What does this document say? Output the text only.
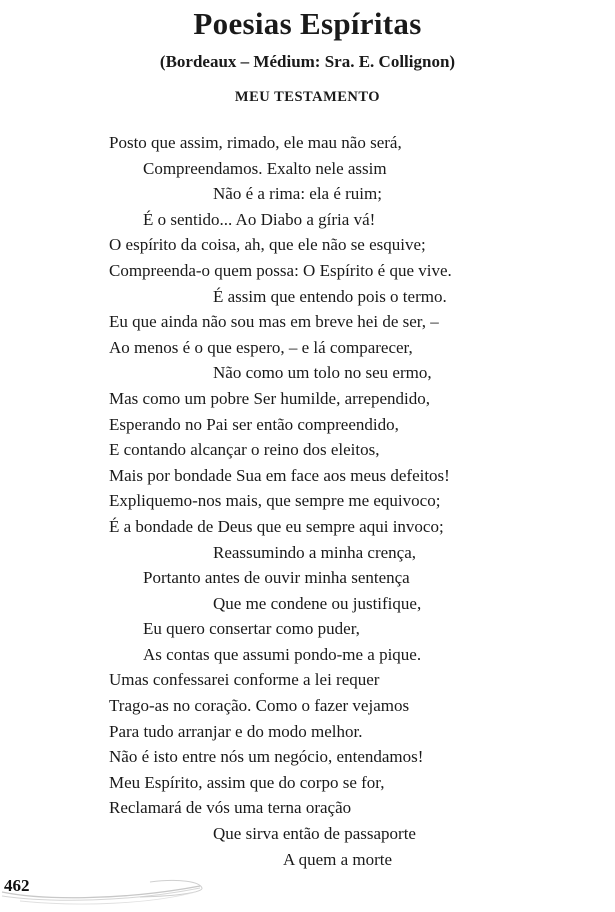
Poesias Espíritas
(Bordeaux – Médium: Sra. E. Collignon)
MEU TESTAMENTO
Posto que assim, rimado, ele mau não será,
Compreendamos. Exalto nele assim
Não é a rima: ela é ruim;
É o sentido... Ao Diabo a gíria vá!
O espírito da coisa, ah, que ele não se esquive;
Compreenda-o quem possa: O Espírito é que vive.
É assim que entendo pois o termo.
Eu que ainda não sou mas em breve hei de ser, –
Ao menos é o que espero, – e lá comparecer,
Não como um tolo no seu ermo,
Mas como um pobre Ser humilde, arrependido,
Esperando no Pai ser então compreendido,
E contando alcançar o reino dos eleitos,
Mais por bondade Sua em face aos meus defeitos!
Expliquemo-nos mais, que sempre me equivoco;
É a bondade de Deus que eu sempre aqui invoco;
Reassumindo a minha crença,
Portanto antes de ouvir minha sentença
Que me condene ou justifique,
Eu quero consertar como puder,
As contas que assumi pondo-me a pique.
Umas confessarei conforme a lei requer
Trago-as no coração. Como o fazer vejamos
Para tudo arranjar e do modo melhor.
Não é isto entre nós um negócio, entendamos!
Meu Espírito, assim que do corpo se for,
Reclamará de vós uma terna oração
Que sirva então de passaporte
A quem a morte
462
